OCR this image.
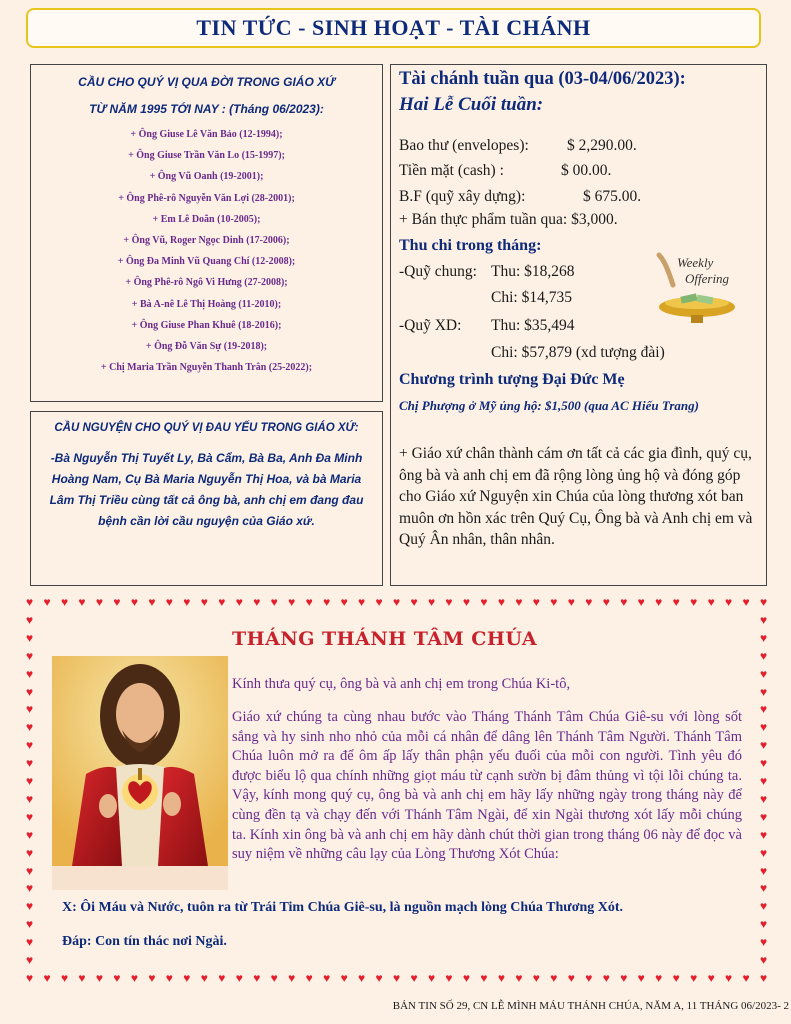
TIN TỨC - SINH HOẠT - TÀI CHÁNH
CẦU CHO QUÝ VỊ QUA ĐỜI TRONG GIÁO XỨ
TỪ NĂM 1995 TỚI NAY : (Tháng 06/2023):
+ Ông Giuse Lê Văn Bảo (12-1994);
+ Ông Giuse Trần Văn Lo (15-1997);
+ Ông Vũ Oanh (19-2001);
+ Ông Phê-rô Nguyễn Văn Lợi (28-2001);
+ Em Lê Doãn (10-2005);
+ Ông Vũ, Roger Ngọc Dinh (17-2006);
+ Ông Đa Minh Vũ Quang Chí (12-2008);
+ Ông Phê-rô Ngô Vi Hưng (27-2008);
+ Bà A-nê Lê Thị Hoàng (11-2010);
+ Ông Giuse Phan Khuê (18-2016);
+ Ông Đỗ Văn Sự (19-2018);
+ Chị Maria Trần Nguyễn Thanh Trân (25-2022);
CẦU NGUYỆN CHO QUÝ VỊ ĐAU YẾU TRONG GIÁO XỨ:
-Bà Nguyễn Thị Tuyết Ly, Bà Cẩm, Bà Ba, Anh Đa Minh Hoàng Nam, Cụ Bà Maria Nguyễn Thị Hoa, và bà Maria Lâm Thị Triều cùng tất cả ông bà, anh chị em đang đau bệnh cần lời cầu nguyện của Giáo xứ.
Tài chánh tuần qua (03-04/06/2023):
Hai Lễ Cuối tuần:
Bao thư (envelopes): $ 2,290.00.
Tiền mặt (cash) :	$ 00.00.
B.F (quỹ xây dựng):	$ 675.00.
+ Bán thực phẩm tuần qua: $3,000.
Thu chi trong tháng:
-Quỹ chung: Thu: $18,268
Chi: $14,735
-Quỹ XD: Thu: $35,494
Chi: $57,879 (xd tượng đài)
Weekly
Offering
Chương trình tượng Đại Đức Mẹ
Chị Phượng ở Mỹ ủng hộ: $1,500 (qua AC Hiếu Trang)
+ Giáo xứ chân thành cám ơn tất cả các gia đình, quý cụ, ông bà và anh chị em đã rộng lòng ủng hộ và đóng góp cho Giáo xứ Nguyện xin Chúa của lòng thương xót ban muôn ơn hồn xác trên Quý Cụ, Ông bà và Anh chị em và Quý Ân nhân, thân nhân.
♥
♥
♥
♥
♥
♥
♥
♥
♥
♥
♥
♥
♥
♥
♥
♥
♥
♥
♥
♥
♥
♥
♥
♥
♥
♥
♥
♥
♥
♥
♥
♥
♥
♥
♥
♥
♥
♥
♥
♥
♥
♥
♥
♥
♥
♥
♥
♥
♥
♥
♥
♥
♥
♥
♥
♥
♥
♥
♥
♥
♥
♥
♥
♥
♥
♥
♥
♥
♥
♥
♥
♥
♥
♥
♥
♥
♥
♥
♥
♥
♥
♥
♥
♥
♥
♥
♥	♥
♥	♥
♥	♥
♥	♥
♥	♥
♥	♥
♥	♥
♥	♥
♥	♥
♥	♥
♥	♥
♥	♥
♥	♥
♥	♥
♥	♥
♥	♥
♥	♥
♥	♥
♥	♥
♥	♥
THÁNG THÁNH TÂM CHÚA
Kính thưa quý cụ, ông bà và anh chị em trong Chúa Ki-tô,
Giáo xứ chúng ta cùng nhau bước vào Tháng Thánh Tâm Chúa Giê-su với lòng sốt sắng và hy sinh nho nhỏ của mỗi cá nhân để dâng lên Thánh Tâm Người. Thánh Tâm Chúa luôn mở ra để ôm ấp lấy thân phận yếu đuối của mỗi con người. Tình yêu đó được biểu lộ qua chính những giọt máu từ cạnh sườn bị đâm thủng vì tội lỗi chúng ta. Vậy, kính mong quý cụ, ông bà và anh chị em hãy lấy những ngày trong tháng này để cùng đền tạ và chạy đến với Thánh Tâm Ngài, để xin Ngài thương xót lấy mỗi chúng ta. Kính xin ông bà và anh chị em hãy dành chút thời gian trong tháng 06 này để đọc và suy niệm về những câu lạy của Lòng Thương Xót Chúa:
X: Ôi Máu và Nước, tuôn ra từ Trái Tim Chúa Giê-su, là nguồn mạch lòng Chúa Thương Xót.
Đáp: Con tín thác nơi Ngài.
BẢN TIN SỐ 29, CN LỄ MÌNH MÁU THÁNH CHÚA, NĂM A, 11 THÁNG 06/2023- 2
